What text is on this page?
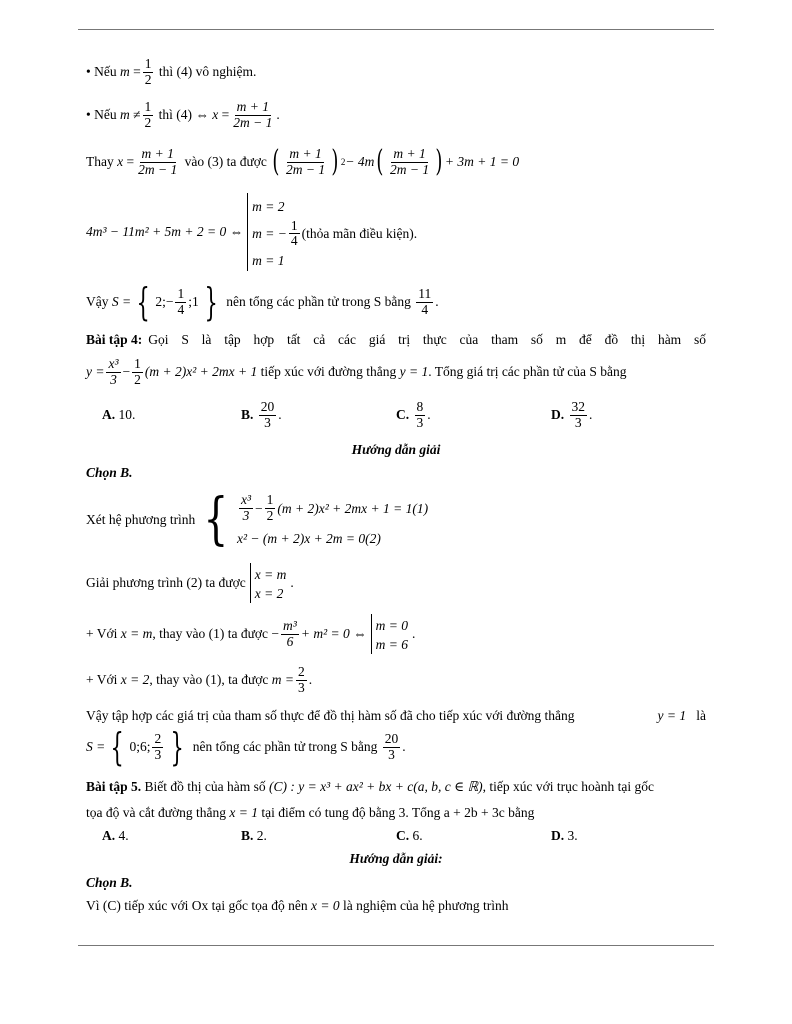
•
Nếu
m
= $\frac{1}{2}$
thì (4) vô nghiệm.
•
Nếu
m
≠
1
2
thì (4) ⇔
x
= $\frac{m + 1}{2m - 1}$ .
Thay
x
= $\frac{m + 1}{2m - 1}$
vào (3) ta được
( m + 1
2m − 1 ) 2 − 4m ( m + 1
2m − 1 ) + 3m + 1 = 0
4m³ − 11m² + 5m + 2 = 0 ⇔
m = 2
m = − $\frac{1}{4}$ (thỏa mãn điều kiện).
m = 1
Vậy
S = { 2;− $\frac{1}{4}$ ;1 }
nên tổng các phần tử trong S bằng

11
4 .
Bài tập 4: Gọi S là tập hợp tất cả các giá trị thực của tham số m để đồ thị hàm số
$y = \frac{\text{x³}}{3} - \frac{1}{2} (m + 2)x^2 + 2mx + 1$
tiếp xúc với đường thẳng
y = 1 . Tổng giá trị các phần tử của S bằng
A.
10.	B.

20
3 .	C.

8
3 .	D.

32
3 .
Hướng dẫn giải
Chọn B.
Xét hệ phương trình { x³
$3 - \frac{1}{2} (m + 2)x^2 + 2mx + 1 = 1(1)$
x² − (m + 2)x + 2m = 0(2)
Giải phương trình (2) ta được
x = m
x = 2
.
+ Với
x = m , thay vào (1) ta được
− $\frac{\text{m³}}{6} + m^2 = 0$ ⇔
m = 0
m = 6
.
+ Với
x = 2 , thay vào (1), ta được
$m = \frac{2}{3}$ .
Vậy tập hợp các giá trị của tham số thực để đồ thị hàm số đã cho tiếp xúc với đường thẳng	y = 1 là
S = { 0;6;
2
3 }
nên tổng các phần tử trong S bằng

20
3 .
Bài tập 5. Biết đồ thị của hàm số (C) : y = x³ + ax² + bx + c(a, b, c ∈ ℝ), tiếp xúc với trục hoành tại gốc
tọa độ và cắt đường thẳng
x = 1
tại điểm có tung độ bằng 3. Tổng a + 2b + 3c bằng
A.
4.	B.
2.	C.
6.	D.
3.
Hướng dẫn giải:
Chọn B.
Vì (C) tiếp xúc với Ox tại gốc tọa độ nên
x = 0
là nghiệm của hệ phương trình
